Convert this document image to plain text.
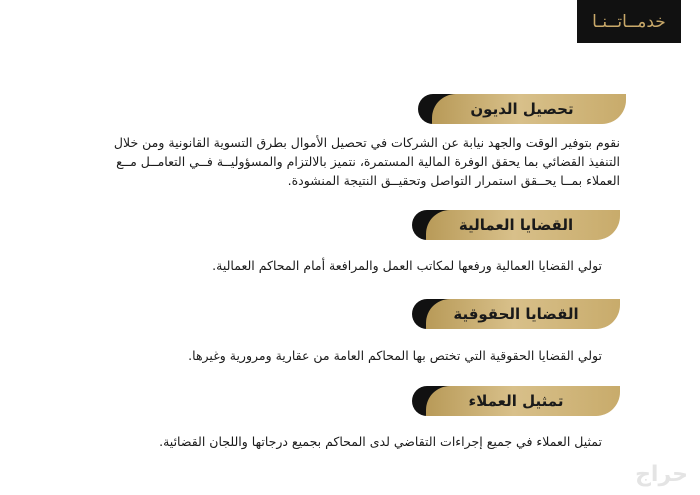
خدمــاتــنـا
تحصيل الديون
نقوم بتوفير الوقت والجهد نيابة عن الشركات في تحصيل الأموال بطرق التسوية القانونية ومن خلال
التنفيذ القضائي بما يحقق الوفرة المالية المستمرة، نتميز بالالتزام والمسؤوليــة فــي التعامــل مــع
العملاء بمــا يحــقق استمرار التواصل وتحقيــق النتيجة المنشودة.
القضايا العمالية
تولي القضايا العمالية ورفعها لمكاتب العمل والمرافعة أمام المحاكم العمالية.
القضايا الحقوقية
تولي القضايا الحقوقية التي تختص بها المحاكم العامة من عقارية ومرورية وغيرها.
تمثيل العملاء
تمثيل العملاء في جميع إجراءات التقاضي لدى المحاكم بجميع درجاتها واللجان القضائية.
حراج
